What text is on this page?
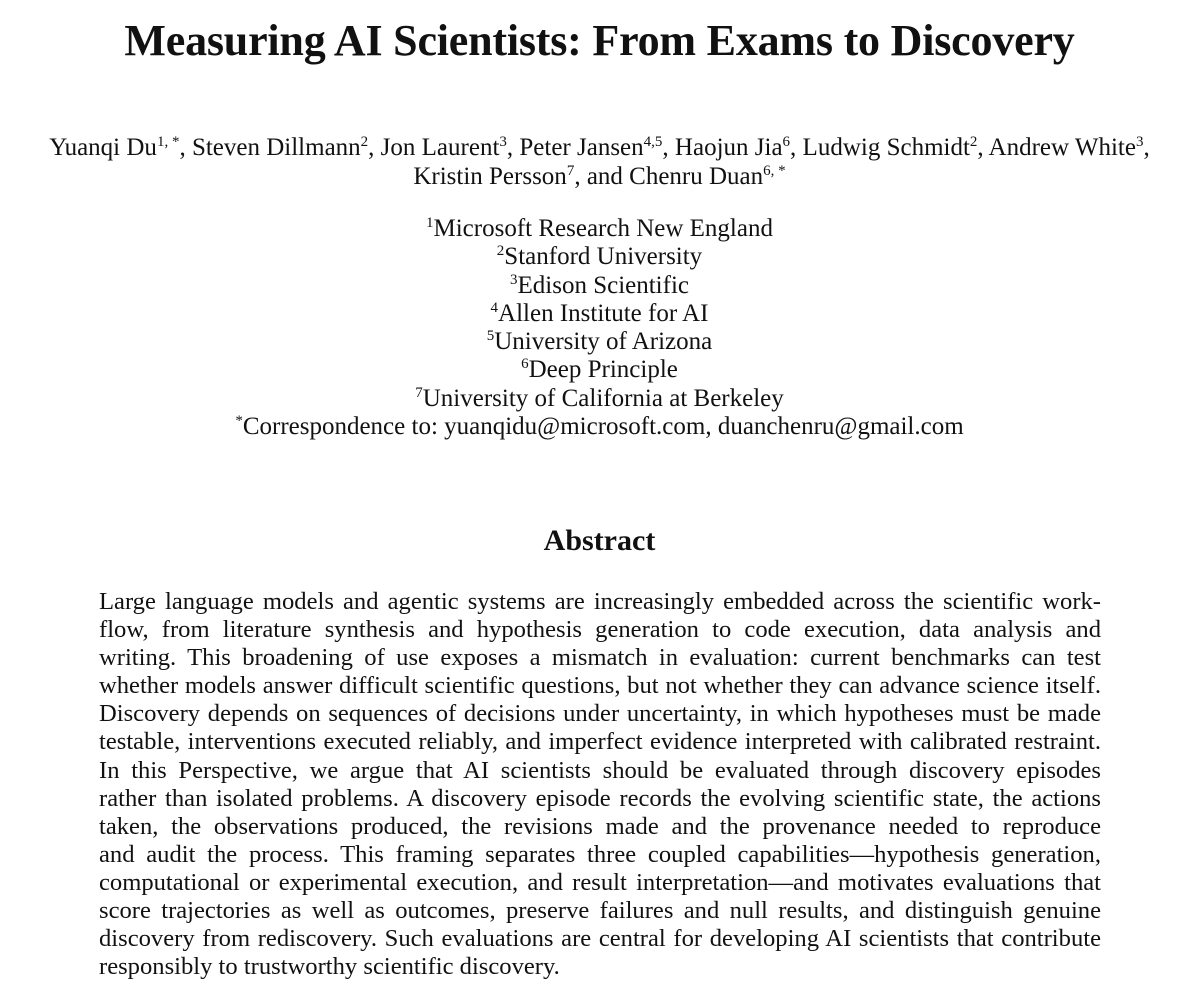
Measuring AI Scientists: From Exams to Discovery
Yuanqi $Du^{1, *}$, Steven Dillmann$^2$, Jon Laurent$^3$, Peter Jansen$^{4,5}$, Haojun Jia$^6$, Ludwig Schmidt$^2$, Andrew White$^3$,
Kristin Persson$^7$, and Chenru Duan$^{6, *}$
$^1$Microsoft Research New England
$^2$Stanford University
$^3$Edison Scientific
$^4$Allen Institute for AI
$^5$University of Arizona
$^6$Deep Principle
$^7$University of California at Berkeley
*Correspondence to: yuanqidu@microsoft.com, duanchenru@gmail.com
Abstract
Large language models and agentic systems are increasingly embedded across the scientific work-
flow, from literature synthesis and hypothesis generation to code execution, data analysis and
writing. This broadening of use exposes a mismatch in evaluation: current benchmarks can test
whether models answer difficult scientific questions, but not whether they can advance science itself.
Discovery depends on sequences of decisions under uncertainty, in which hypotheses must be made
testable, interventions executed reliably, and imperfect evidence interpreted with calibrated restraint.
In this Perspective, we argue that AI scientists should be evaluated through discovery episodes
rather than isolated problems. A discovery episode records the evolving scientific state, the actions
taken, the observations produced, the revisions made and the provenance needed to reproduce
and audit the process. This framing separates three coupled capabilities—hypothesis generation,
computational or experimental execution, and result interpretation—and motivates evaluations that
score trajectories as well as outcomes, preserve failures and null results, and distinguish genuine
discovery from rediscovery. Such evaluations are central for developing AI scientists that contribute
responsibly to trustworthy scientific discovery.
